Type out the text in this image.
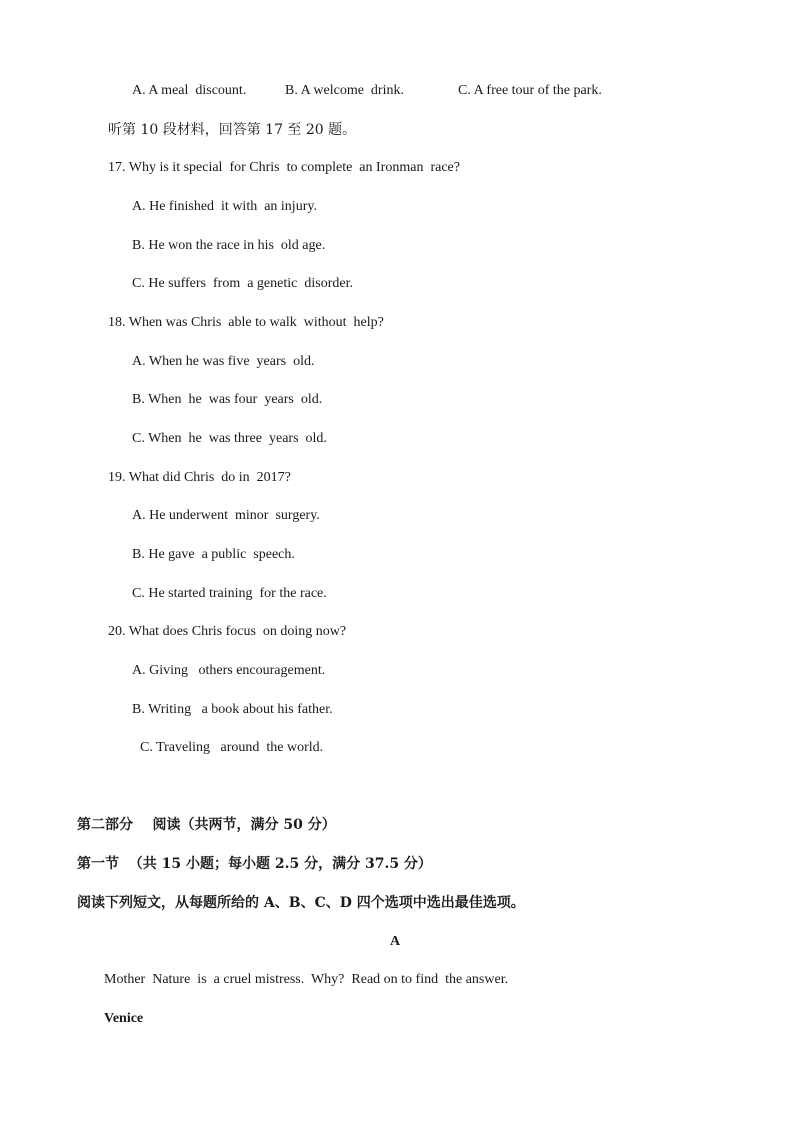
A. A meal  discount.	B. A welcome  drink.	C. A free tour of the park.
听第 10 段材料，回答第 17 至 20 题。
17. Why is it special  for Chris  to complete  an Ironman  race?
A. He finished  it with  an injury.
B. He won the race in his  old age.
C. He suffers  from  a genetic  disorder.
18. When was Chris  able to walk  without  help?
A. When he was five  years  old.
B. When  he  was four  years  old.
C. When  he  was three  years  old.
19. What did Chris  do in  2017?
A. He underwent  minor  surgery.
B. He gave  a public  speech.
C. He started training  for the race.
20. What does Chris focus  on doing now?
A. Giving   others encouragement.
B. Writing   a book about his father.
C. Traveling   around  the world.
第二部分    阅读（共两节，满分 50 分）
第一节  （共 15 小题；每小题 2.5 分，满分 37.5 分）
阅读下列短文，从每题所给的 A、B、C、D 四个选项中选出最佳选项。
A
Mother  Nature  is  a cruel mistress.  Why?  Read on to find  the answer.
Venice
